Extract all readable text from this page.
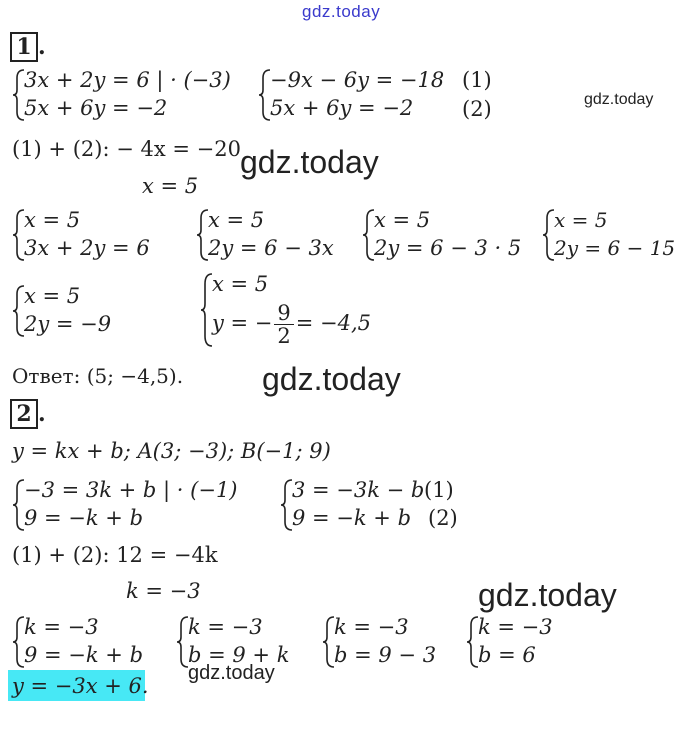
gdz.today
gdz.today
gdz.today
gdz.today
gdz.today
gdz.today
1 .
3x + 2y = 6 | · (−3)
5x + 6y = −2
−9x − 6y = −18
5x + 6y = −2
(1)
(2)
(1) + (2): − 4x = −20
x = 5
x = 5
3x + 2y = 6
x = 5
2y = 6 − 3x
x = 5
2y = 6 − 3 · 5
x = 5
2y = 6 − 15
x = 5
2y = −9
x = 5
y = − $\frac{9}{2} = -4,5$
Ответ: (5; −4,5).
2 .
y = kx + b; A(3; −3); B(−1; 9)
−3 = 3k + b | · (−1)
9 = −k + b
3 = −3k − b
9 = −k + b
(1)
(2)
(1) + (2): 12 = −4k
k = −3
k = −3
9 = −k + b
k = −3
b = 9 + k
k = −3
b = 9 − 3
k = −3
b = 6
y = −3x + 6.
